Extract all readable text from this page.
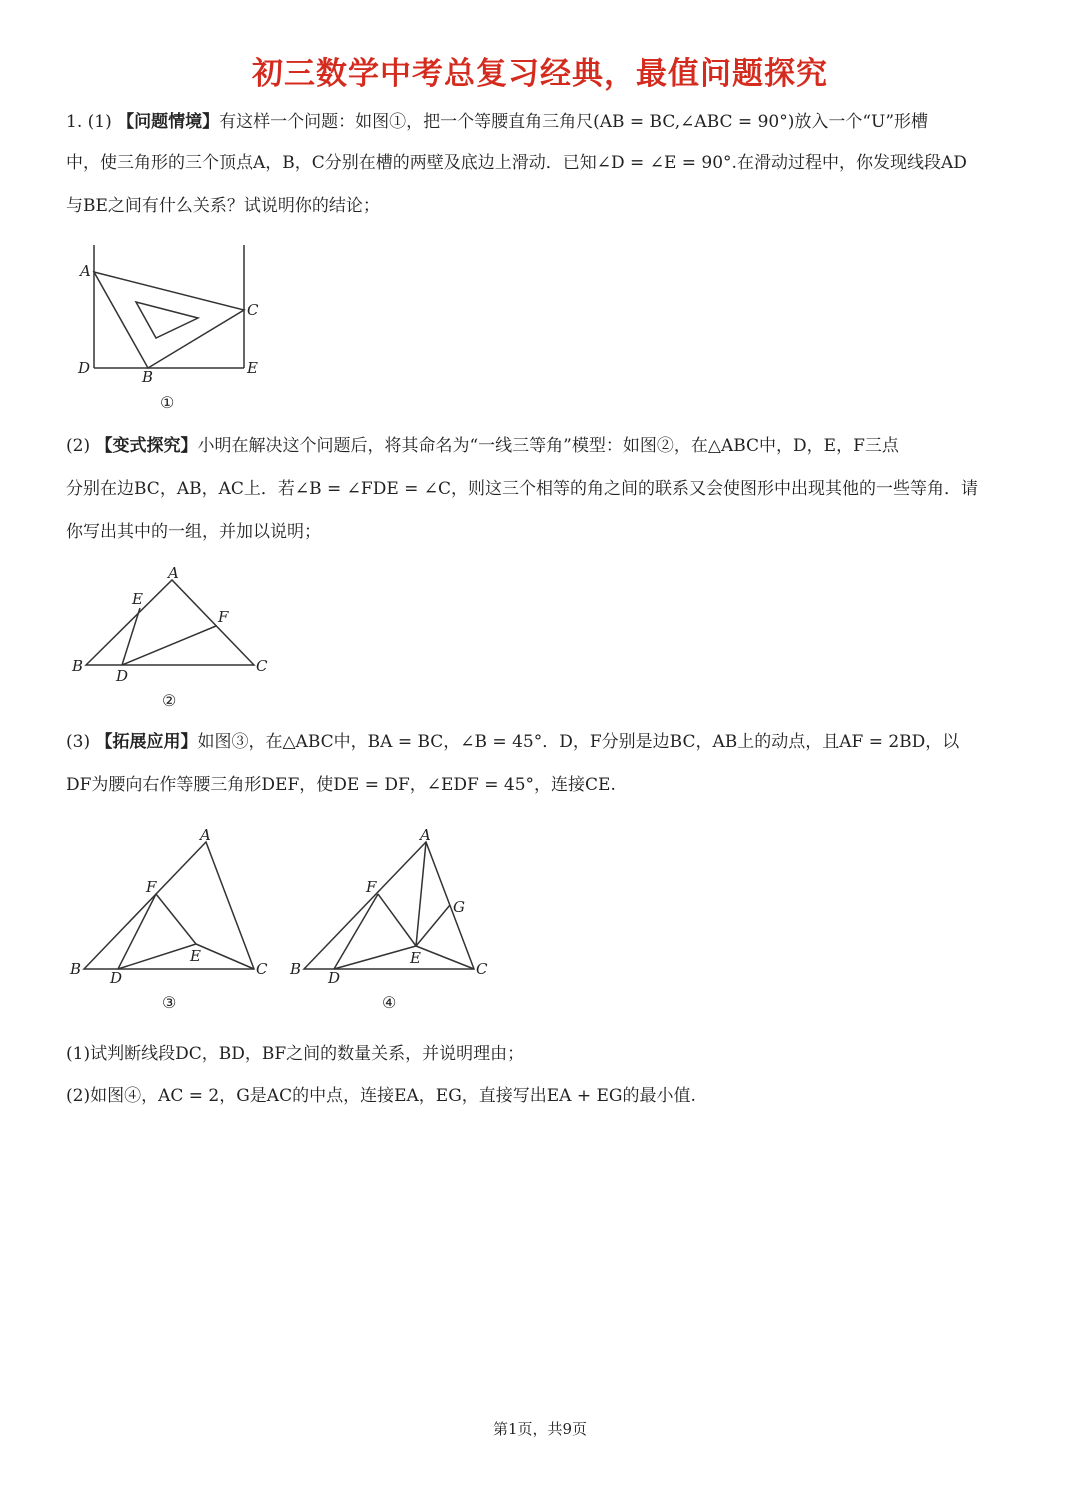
初三数学中考总复习经典，最值问题探究
1. (1) 【问题情境】有这样一个问题：如图①，把一个等腰直角三角尺(AB = BC,∠ABC = 90°)放入一个“U”形槽
中，使三角形的三个顶点A，B，C分别在槽的两壁及底边上滑动．已知∠D = ∠E = 90°.在滑动过程中，你发现线段AD
与BE之间有什么关系？试说明你的结论；
A
C
D	B	E
①
(2) 【变式探究】小明在解决这个问题后，将其命名为“一线三等角”模型：如图②，在△ABC中，D，E，F三点
分别在边BC，AB，AC上．若∠B = ∠FDE = ∠C，则这三个相等的角之间的联系又会使图形中出现其他的一些等角．请
你写出其中的一组，并加以说明；
A
E
F
B
D
C
②
(3) 【拓展应用】如图③，在△ABC中，BA = BC，∠B = 45°．D，F分别是边BC，AB上的动点，且AF = 2BD，以
DF为腰向右作等腰三角形DEF，使DE = DF，∠EDF = 45°，连接CE.
A
F
E
B D	C
③
A
F
G
E
B D	C
④
(1)试判断线段DC，BD，BF之间的数量关系，并说明理由；
(2)如图④，AC = 2，G是AC的中点，连接EA，EG，直接写出EA + EG的最小值.
第1页，共9页
